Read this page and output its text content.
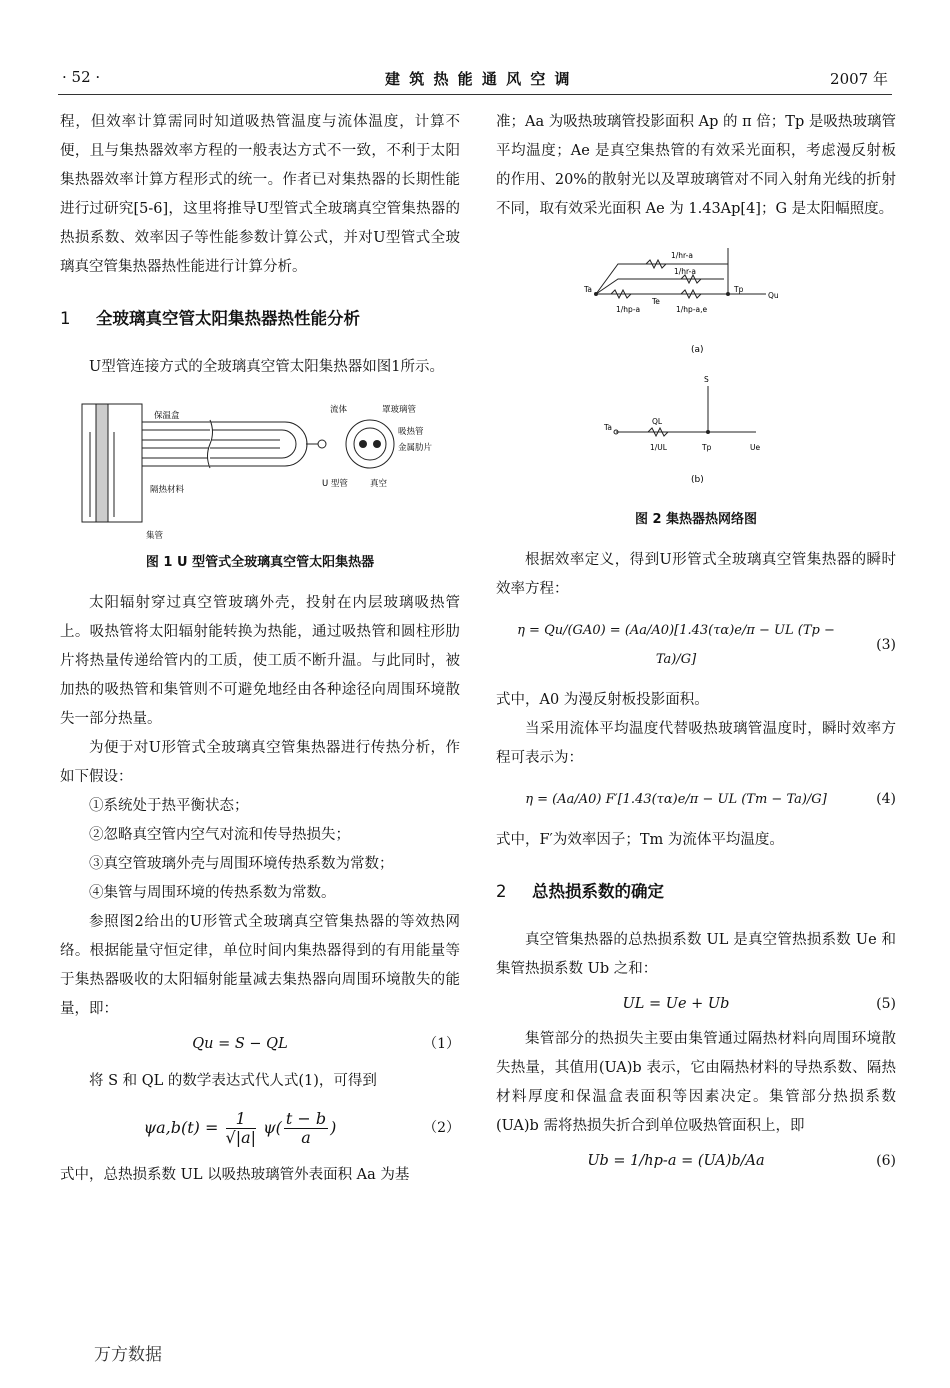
· 52 ·	建 筑 热 能 通 风 空 调	2007 年

程，但效率计算需同时知道吸热管温度与流体温度，计算不便，且与集热器效率方程的一般表达方式不一致，不利于太阳集热器效率计算方程形式的统一。作者已对集热器的长期性能进行过研究[5-6]，这里将推导U型管式全玻璃真空管集热器的热损系数、效率因子等性能参数计算公式，并对U型管式全玻璃真空管集热器热性能进行计算分析。

1 全玻璃真空管太阳集热器热性能分析

U型管连接方式的全玻璃真空管太阳集热器如图1所示。

保温盒
隔热材料
集管
流体	罩玻璃管
吸热管
金属肋片
U 型管	真空
图 1 U 型管式全玻璃真空管太阳集热器

太阳辐射穿过真空管玻璃外壳，投射在内层玻璃吸热管上。吸热管将太阳辐射能转换为热能，通过吸热管和圆柱形肋片将热量传递给管内的工质，使工质不断升温。与此同时，被加热的吸热管和集管则不可避免地经由各种途径向周围环境散失一部分热量。

为便于对U形管式全玻璃真空管集热器进行传热分析，作如下假设：

①系统处于热平衡状态；
②忽略真空管内空气对流和传导热损失；
③真空管玻璃外壳与周围环境传热系数为常数；
④集管与周围环境的传热系数为常数。

参照图2给出的U形管式全玻璃真空管集热器的等效热网络。根据能量守恒定律，单位时间内集热器得到的有用能量等于集热器吸收的太阳辐射能量减去集热器向周围环境散失的能量，即：

Qu = S − QL	（1）

将 S 和 QL 的数学表达式代人式(1)，可得到

$\psi a,b(t) = \frac{1}{√|a|} \psi( \frac{t - b}{a}$ )	（2）

式中，总热损系数 UL 以吸热玻璃管外表面积 Aa 为基

准；Aa 为吸热玻璃管投影面积 Ap 的 π 倍；Tp 是吸热玻璃管平均温度；Ae 是真空集热管的有效采光面积，考虑漫反射板的作用、20%的散射光以及罩玻璃管对不同入射角光线的折射不同，取有效采光面积 Ae 为 1.43Ap[4]；G 是太阳幅照度。

1/hr-a
1/hr-a
Ta	Tp
Qu
1/hp-a
Te
1/hp-a,e
(a)
S
Ta
QL
1/UL	Tp	Ue
(b)
图 2 集热器热网络图

根据效率定义，得到U形管式全玻璃真空管集热器的瞬时效率方程：

η = Qu/(GA0) = (Aa/A0)[1.43(τα)e/π − UL (Tp − Ta)/G]
(3)

式中，A0 为漫反射板投影面积。

当采用流体平均温度代替吸热玻璃管温度时，瞬时效率方程可表示为：

η = (Aa/A0) F′[1.43(τα)e/π − UL (Tm − Ta)/G]	(4)

式中，F′为效率因子；Tm 为流体平均温度。

2 总热损系数的确定

真空管集热器的总热损系数 UL 是真空管热损系数 Ue 和集管热损系数 Ub 之和：

UL = Ue + Ub	(5)

集管部分的热损失主要由集管通过隔热材料向周围环境散失热量，其值用(UA)b 表示，它由隔热材料的导热系数、隔热材料厚度和保温盒表面积等因素决定。集管部分热损系数 (UA)b 需将热损失折合到单位吸热管面积上，即

Ub = 1/hp-a = (UA)b/Aa	(6)
万方数据
